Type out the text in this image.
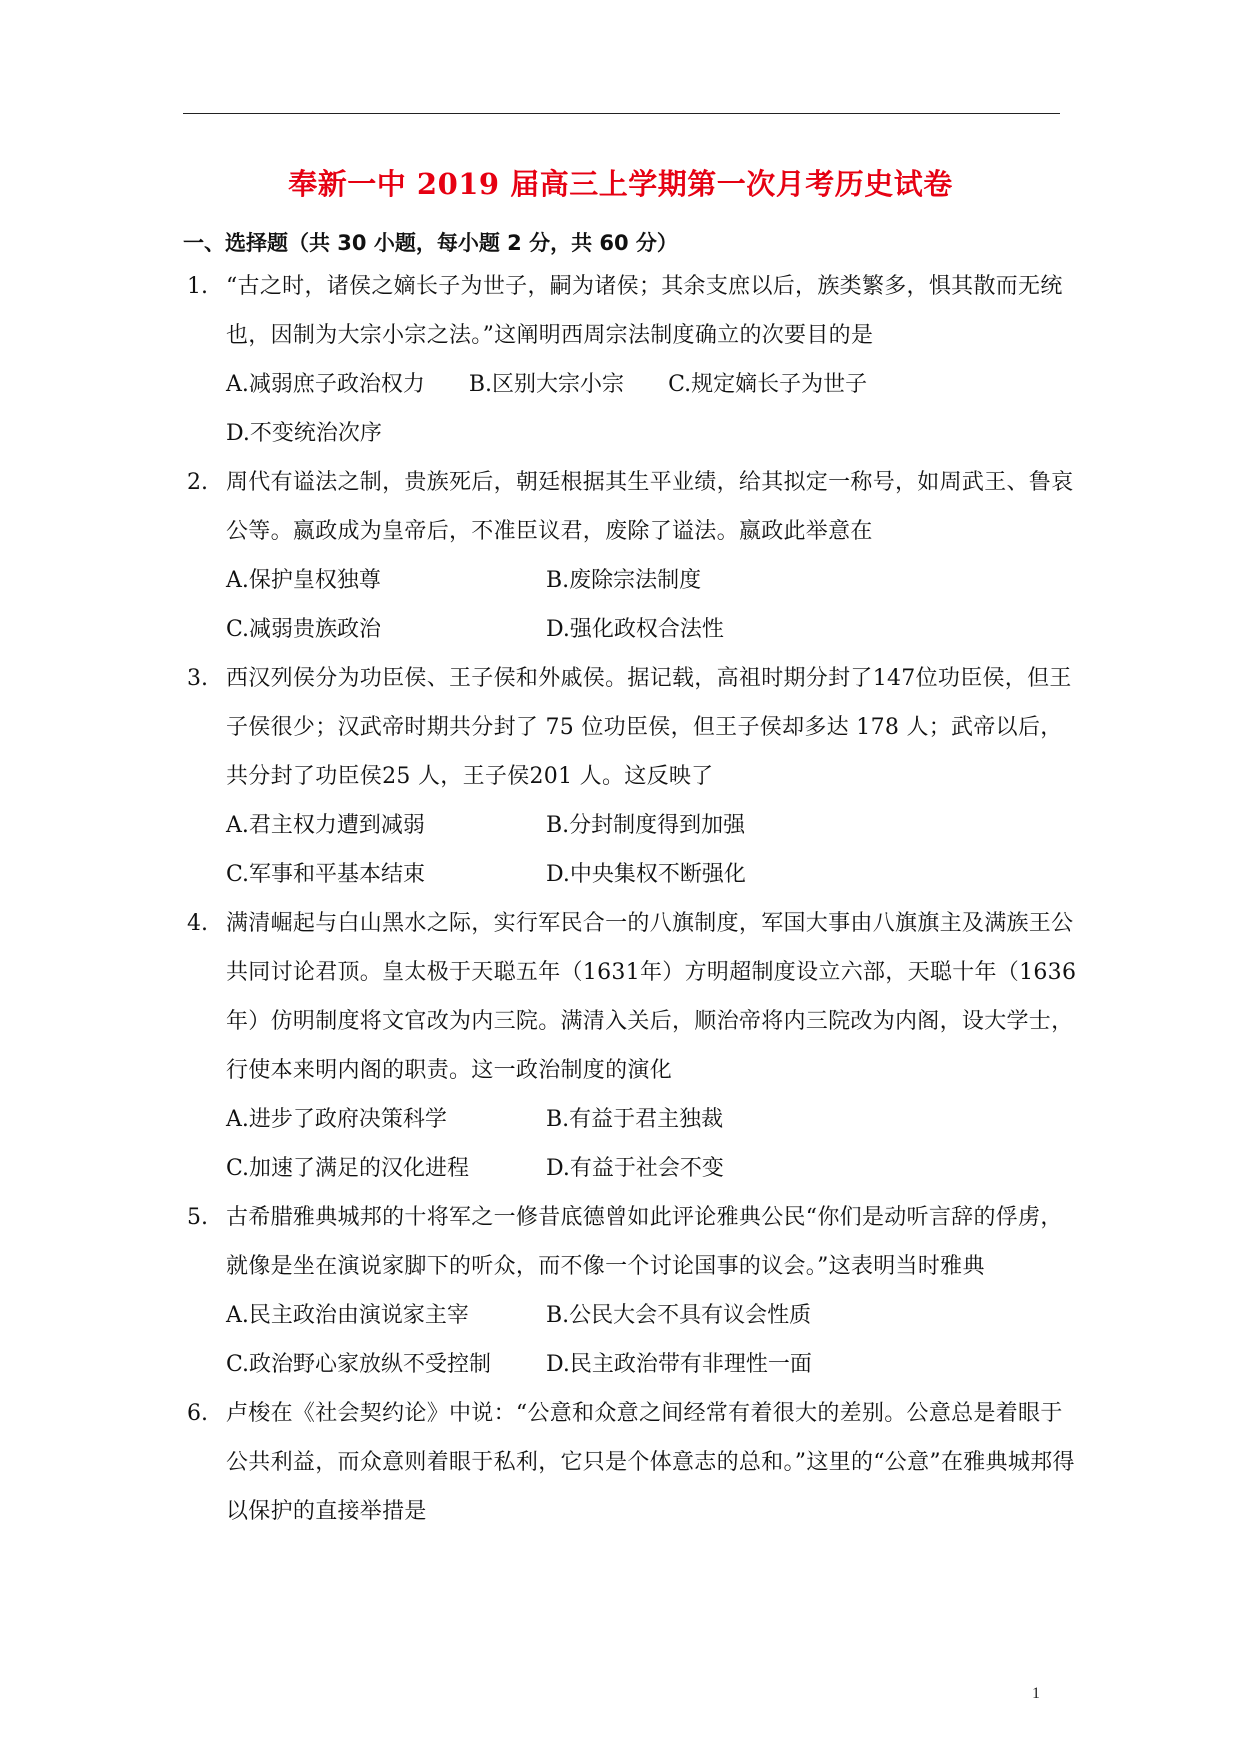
奉新一中 2019 届高三上学期第一次月考历史试卷
一、选择题（共 30 小题，每小题 2 分，共 60 分）
1. “古之时，诸侯之嫡长子为世子，嗣为诸侯；其余支庶以后，族类繁多，惧其散而无统也，因制为大宗小宗之法。”这阐明西周宗法制度确立的次要目的是
A.减弱庶子政治权力 B.区别大宗小宗 C.规定嫡长子为世子D.不变统治次序
2. 周代有谥法之制，贵族死后，朝廷根据其生平业绩，给其拟定一称号，如周武王、鲁哀公等。嬴政成为皇帝后，不准臣议君，废除了谥法。嬴政此举意在
A.保护皇权独尊	B.废除宗法制度
C.减弱贵族政治	D.强化政权合法性
3. 西汉列侯分为功臣侯、王子侯和外戚侯。据记载，高祖时期分封了147位功臣侯，但王子侯很少；汉武帝时期共分封了 75 位功臣侯，但王子侯却多达 178 人；武帝以后，共分封了功臣侯25 人，王子侯201 人。这反映了
A.君主权力遭到减弱	B.分封制度得到加强
C.军事和平基本结束	D.中央集权不断强化
4. 满清崛起与白山黑水之际，实行军民合一的八旗制度，军国大事由八旗旗主及满族王公共同讨论君顶。皇太极于天聪五年（1631年）方明超制度设立六部，天聪十年（1636年）仿明制度将文官改为内三院。满清入关后，顺治帝将内三院改为内阁，设大学士，行使本来明内阁的职责。这一政治制度的演化
A.进步了政府决策科学	B.有益于君主独裁
C.加速了满足的汉化进程	D.有益于社会不变
5. 古希腊雅典城邦的十将军之一修昔底德曾如此评论雅典公民“你们是动听言辞的俘虏，就像是坐在演说家脚下的听众，而不像一个讨论国事的议会。”这表明当时雅典
A.民主政治由演说家主宰	B.公民大会不具有议会性质
C.政治野心家放纵不受控制 D.民主政治带有非理性一面
6. 卢梭在《社会契约论》中说：“公意和众意之间经常有着很大的差别。公意总是着眼于公共利益，而众意则着眼于私利，它只是个体意志的总和。”这里的“公意”在雅典城邦得以保护的直接举措是
1
